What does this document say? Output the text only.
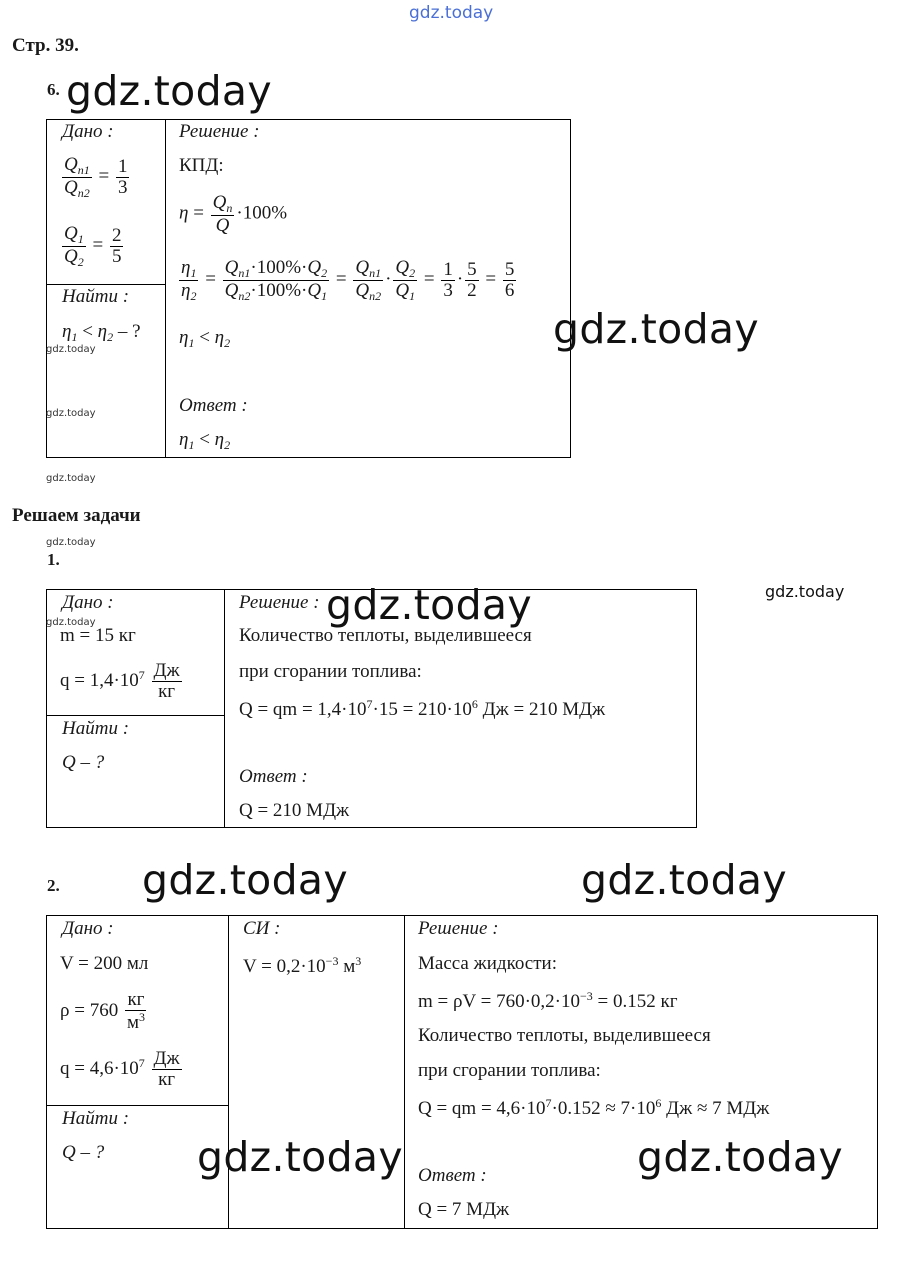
gdz.today
Стр. 39.
6. gdz.today
Дано :
$\frac{Q_{n1}}{Q_{n2}} = \frac{1}{3}$
$\frac{Q_1}{Q_2} = \frac{2}{5}$
Найти :
$\eta_1 < \eta_2$ – ?
gdz.today
gdz.today
Решение :
КПД:
$\eta = \frac{Q_n}{Q} \cdot 100\%$
$\frac{\eta_1}{\eta_2} = \frac{Q_{n1}\cdot 100\%\cdot Q_2}{Q_{n2}\cdot 100\%\cdot Q_1} = \frac{Q_{n1}}{Q_{n2}} \cdot \frac{Q_2}{Q_1} = \frac{1}{3} \cdot \frac{5}{2} = \frac{5}{6}$
$\eta_1 < \eta_2$	gdz.today
Ответ :
$\eta_1 < \eta_2$
gdz.today
Решаем задачи
gdz.today
1.
gdz.today
Дано :
gdz.today
m = 15 кг
$q = 1,4\cdot 10^7 \frac{Дж}{кг}$
Найти :
Q – ?
Решение : gdz.today
Количество теплоты, выделившееся
при сгорании топлива:
Q = qm = $1,4\cdot 10^7\cdot 15 = 210\cdot 10^6$ Дж = 210 МДж
Ответ :
Q = 210 МДж
2. gdz.today	gdz.today
Дано :
V = 200 мл
$\rho = 760 \frac{кг}{м^3}$
$q = 4,6\cdot 10^7 \frac{Дж}{кг}$
Найти :
Q – ?
СИ :
$V = 0,2\cdot 10^{-3}$ $м^3$
gdz.today
Решение :
Масса жидкости:
$m = \rho V = 760\cdot 0,2\cdot 10^{-3} = 0.152$ кг
Количество теплоты, выделившееся
при сгорании топлива:
Q = qm = $4,6\cdot 10^7\cdot 0.152 \approx 7\cdot 10^6$ Дж ≈ 7 МДж
gdz.today
Ответ :
Q = 7 МДж
